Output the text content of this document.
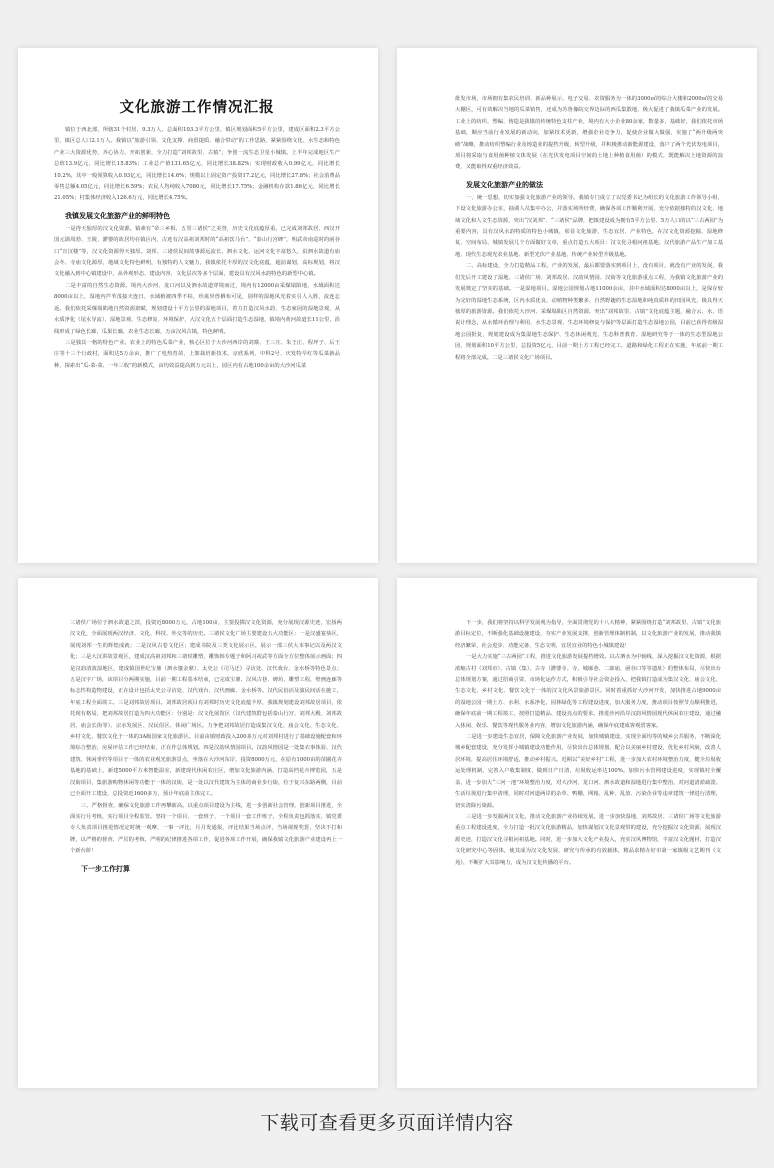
文化旅游工作情况汇报

镇位于西北部，所辖31个村居，9.3万人，总面积103.3平方公里，镇区规划面积5平方公里，建成区面积2.3平方公里，镇区总人口2.1万人。我镇以“旅游引领、文化支撑、商贸提质、融合带动”的工作思路，紧紧围绕文化、水生态和特色产业三大资源优势，齐心协力、开拓创新，全力打造“刘邦故里、古镇”，争创一流生态卫星小城镇。上半年完成地区生产总值13.9亿元，同比增长15.83%；工业总产值131.65亿元，同比增长38.82%；实现财政收入0.99亿元，同比增长10.2%，其中一般预算收入0.93亿元，同比增长14.6%；规模以上固定资产投资17.2亿元，同比增长27.8%；社会消费品零售总额4.05亿元，同比增长6.59%；农民人均纯收入7080元，同比增长17.75%；金融机构存款1.86亿元，同比增长21.05%；村集体经济收入126.6万元，同比增长4.75%。

我镇发展文化旅游产业的鲜明特色

一是得天独厚的汉文化资源。镇素有“帝三乡相、五里三诸侯”之美誉，历史文化底蕴厚重。已完成刘邦故居、西汉开国元勋周勃、王陵、灌婴的故居均在镇区内，古迹有汉高祖刘邦时的“高祖饮马台”、“泰山行宫碑”，明武帝南巡时的函谷口“宣汉楼”等，汉文化资源得天独厚。刘邦、三诸侯民间故事源远流长，泗水文化、运河文化丰富悠久，沿泗水故道有庙会冬、寺庙文化源厚，地域文化特色鲜明，有独特的人文魅力，我镇依托丰厚的汉文化底蕴，超前谋划，高标规划，将汉文化融入到中心镇建设中，从外观形态、建设内容、文化层次等多个层面，建设具有汉风水韵特色的新型中心镇。

二是丰富的自然生态资源。境内大沙河、龙口河以及泗水故道穿境而过，境内有12000亩采煤塌陷地，水域面积达8000亩以上，湿地内芦苇茂接天连日，水域植被四季不枯，珍禽异兽栖布可见，别样的湿地风光着实引人入胜，流连忘返。我们依托采煤塌陷地自然资源禀赋，规划建设十平方公里的湿地项目，着力打造汉风水韵、生态家园的湿地景观，从水质净化（尾水导流）、湿地景观、生态修复、环境保护，大汉文化五个层面打造生态湿地，镇境内黄河故道长11公里，沿线形成了绿色长廊，瓜果长廊，农业生态长廊，万亩汉风古镇，特色鲜明。

三是独具一格的特色产业。农业上的特色瓜菜产业，核心区位于大沙河西岸的刘寨、王三庄、朱王庄、程坪子、后王庄等十三个行政村，面积达5万余亩，推广了电热育苗、上架栽培新技术，京欣系列、中科2号、庆发特早红等瓜菜新品种，探索出“瓜-菜-菜、一年三收”的新模式，亩均效益提高到万元以上，园区内有占地100余亩的大沙河瓜菜

批发市场，市场拥有集农民培训、新品种展示、电子交易、农资服务为一体的3000㎡的综合大楼和2000㎡的交易大棚区，可有效解决当地的瓜菜销售，还成为苏鲁豫皖交界边际的西瓜集散地，极大促进了我镇瓜菜产业的发展。工业上的纺织、塑编、铸造是我镇的传统特色支柱产业，境内有大小企业80余家，数量多，基础好，我们依托市场基础，顺应当前行业发展的新动向，加紧技术更新，增强企业竞争力，促使企业做大做强，实施了“两升级两突破”战略，推动纺织塑编行业及铸造业的提档升级，转型升级，并积极推动新能源建设，落户了两个光伏发电项目，项目将采取与食用菌种植文体发展（在光伏发电项目空间的土地上种植食用菌）的模式，既能解决土地资源的浪费，又能取得双重经济效益。

发展文化旅游产业的做法

一、统一思想，切实加强文化旅游产业的领导。我镇专门成立了以党委书记为组长的文化旅游工作领导小组，下设文化旅游办公室，抽调人员集中办公，并落实场所经费，确保各项工作顺利开展，充分依据独特的汉文化、地域文化和人文生态资源，突出“汉刘邦”、“三诸侯”品牌，把镇建设成为拥有5平方公里、5万人口的以“三古两园”为重要内容，具有汉风水韵特质的特色小城镇，彰显文化旅游、生态宜居、产业特色，在汉文化资源挖掘、湿地修复、空间布局、城镇发展几个方面做好文章，重点打造五大项目：汉文化寻根问祖基地、汉代旅游产品生产加工基地、现代生态观光农业基地、新型光伏产业基地、传统产业转型升级基地。

二、高标建设，全力打造精品工程。产业的发展，最后都要落实到项目上，没有项目，就没有产业的发展，我们先后开工建设了湿地、三诸侯广场、刘邦故居、汉韵风情园、汉街等文化旅游重点工程，为我镇文化旅游产业的发展奠定了坚实的基础。一是湿地项目。湿地公园规划占地11000余亩，其中水域面积达8000亩以上，是保存较为完好的湿地生态系统，区内水质优良，动植物种类繁多，自然野趣的生态湿地和纯真质朴的田园风光，极具得天独厚的旅游资源。我们依托大沙河、采煤塌陷区自然资源，突出“刘邦故里、古镇”文化底蕴主题，融合云、水、语说计理念，从水循环治理与利用、水生态景观、生态环境修复与保护等层面打造生态湿地公园，目前已获得省级湿地公园批复，规划建设成为集湿地生态保护、生态休闲观光、生态科普教育、湿地研究等于一体的生态型湿地公园，规划面积10平方公里，总投资5亿元，目前一期土方工程已经完工，道路和绿化工程正在实施，年底前一期工程将全部完成。二是三诸侯文化广场项目。

三诸侯广场位于泗水故道之滨，投资近8000万元，占地100亩，主要投掷汉文化资源，充分展现汉源史迹，宏扬两汉文化，全面展现两汉经济、文化、科技、外交等的历史。三诸侯文化广场主要建设五大功能区：一是汉盛宴恭区，展现刘邦一生的辉煌成就；二是汉风古卷文化区；建成书院及三类文化展示区，展示一部三侯大本事记以及两汉文化；三是大汉讲故景观区，建成汉高祖刘邦和三诸侯雕塑，雕饰韩专题子和阿习祝武等方面全方位整体展示画面；四是汉韵清波湿地区，建成镇国世纪宝鼎（泗水鎏金鼎）、太史公《司马迁》寻访处、汉代戏台、金水桥等特色景点；五是汉字广场，该项目分两期实施，目前一期工程基本结束，已完成宝鼎、汉风古巷、碑坊、雕塑工程，壁画连廊等标志性构造物建设，正在设计包括太史公寻访处、汉代戏台、汉代画廊、金水桥等。汉代民俗活及演民间活在施工，年底工程全面竣工。三是刘邦故居项目。刘邦故居项目有刘邦时历史文化底蕴丰厚，我镇规划建设刘邦故居项目，依托现有格局，把刘邦故居打造为四大功能区：分别是：汉文化展馆区（汉代建筑群包括泰山行宫、刘邦大殿、刘邦故居、庙会长街等）、宗水发展区、汉民俗区、休闲广场区。力争把刘邦故居打造成集汉文化、庙会文化、生态文化、乡村文化、餐饮文化于一体的3A级国家文化旅游区。目前由镇财政投入200多万元对刘邦村进行了基础设施配套和环境综合整治，房屋评估工作已经结束，正在作总体规划。四是汉韵风情园项目。汉韵风情园是一处集衣事体验、汉代建筑、休闲垂钓等项目于一体的农业观光旅游景点，坐落在大沙河东岸，投资8000万元，在原有1000亩的苗圃花卉基地的基础上，新建5000平方米智能温室，新建现代休闲农庄区，增加文化旅游内涵，打造高档花卉博览园，五是汉街项目，集旅游购物休闲等功能于一体的汉街，是一处以汉代建筑为主体的商业步行街，位于复兴东路两侧，目前已全面开工建设，总投资近1600多万，预计年底前主体完工。

三、严格督查，确保文化旅游工作再攀新高。以重点项目建设为主线，进一步创新社会管理，创新项目推进，全面实行月考核，实行项目全程监管。坚持一个项目、一套班子、一个项目一套工作班子，全程负责包抓落实，镇党委专人负责项目推进情况定时统一观摩，一事一评比，月月发通报，评比结果当场点评，当场视现奖惩，坚决不打和牌，以严格的督查、严厉的考核、严明的纪律推进各项工作，促进各项工作开展，确保我镇文化旅游产业建设再上一个新台阶！

下一步工作打算

下一步，我们将坚持以科学发展观为指导，全面贯彻党的十八大精神，紧紧围绕打造“刘邦故里、古镇”文化旅游目标定位，不断强化基础设施建设，夯实产业发展支撑，创新管理体制机制，以文化旅游产业的发展，推动我镇经济繁荣、社会进步、功能完备、生态文明、宜居宜业的特色小城镇建设！

一是大力实施“三古两园”工程，推进文化旅游发展提档增效。以古泗水为中轴线，深入挖掘汉文化资源，根据浓缩古村（刘邦市）、古镇（集）、古寺（灌婴寺、寺、城廓巷、二郎庙、函谷口等等遗址）的整体布局，尽快出台总体规划方案，通过招商引资、市场化运作方式，积极引导社会资金投入，把我镇打造成为集汉文化、庙会文化、生态文化、乡村文化、餐饮文化于一体的汉文化风景旅游景区。同时着重抓好大沙河开发，加快推进占地9000亩的湿地公园一期土方、水利、水系净化、园林绿化等工程建设进度，加大服务力度，推动项目按照节点顺利推进，确保年底前一期工程竣工，按照打造精品、建设亮点的要求，推进沙河沿岸汉韵风情园现代休闲农庄建设，通过融入休闲、娱乐、餐饮等现代服务业内容，增加文化旅游内涵，确保年底建成客观赏客家。

二是进一步建设生态宜居，保障文化旅游产业发展，加快城镇建设，实现全面均等的城乡公共服务，不断深化城乡配套建设，充分发挥小城镇建设功能作用，尽快出台总体规划，配合以美丽乡村建设，优化乡村风貌，改善人居环境，提高居住环境舒适，推动乡村振兴。近期以“美好乡村”工程，进一步加大农村环境整治力度，健全垃圾收运处理机制，完善入户收集制度，做到日产日清，垃圾收运率达100%。加快污水管网建设进度，实现镇村全覆盖，进一步加大“三河一池”环境整治力度，对大沙河、龙口河、泗水故道和湿地进行集中整治，对河道清淤疏浚、生活垃圾进行集中清理，同时对河道两岸的杂草、鸭棚、网箱、乱种、乱放、污染企业等违章建筑一律进行清理，切实清除污染源。

三是进一步发掘两汉文化，推动文化旅游产业持续发展。进一步加快湿地、刘邦故居、三诸侯广场等文化旅游重点工程建设进度，全力打造一批汉文化旅游精品，加快谋划汉文化景观带的建设，充分挖掘汉文化资源，展现汉源史迹，打造汉文化寻根问祖基地。同时，进一步加大文化产业投入，充实汉风博物馆，丰富汉文化题材，打造汉文化研究中心等固体，使其成为汉文化发展、研究与传承的有效载体，精品求精办好市第一家镇级文艺期刊《文苑》，不断扩大其影响力，成为汉文化传播的平台。

下载可查看更多页面详情内容
